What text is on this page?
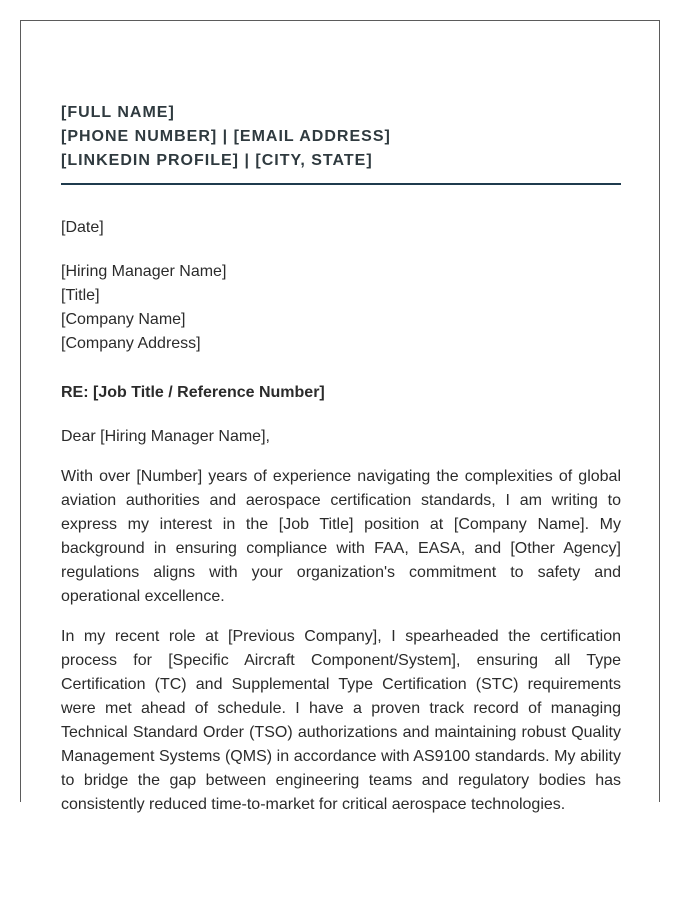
[FULL NAME]
[PHONE NUMBER] | [EMAIL ADDRESS]
[LINKEDIN PROFILE] | [CITY, STATE]
[Date]
[Hiring Manager Name]
[Title]
[Company Name]
[Company Address]
RE: [Job Title / Reference Number]
Dear [Hiring Manager Name],

With over [Number] years of experience navigating the complexities of global aviation authorities and aerospace certification standards, I am writing to express my interest in the [Job Title] position at [Company Name]. My background in ensuring compliance with FAA, EASA, and [Other Agency] regulations aligns with your organization's commitment to safety and operational excellence.

In my recent role at [Previous Company], I spearheaded the certification process for [Specific Aircraft Component/System], ensuring all Type Certification (TC) and Supplemental Type Certification (STC) requirements were met ahead of schedule. I have a proven track record of managing Technical Standard Order (TSO) authorizations and maintaining robust Quality Management Systems (QMS) in accordance with AS9100 standards. My ability to bridge the gap between engineering teams and regulatory bodies has consistently reduced time-to-market for critical aerospace technologies.
